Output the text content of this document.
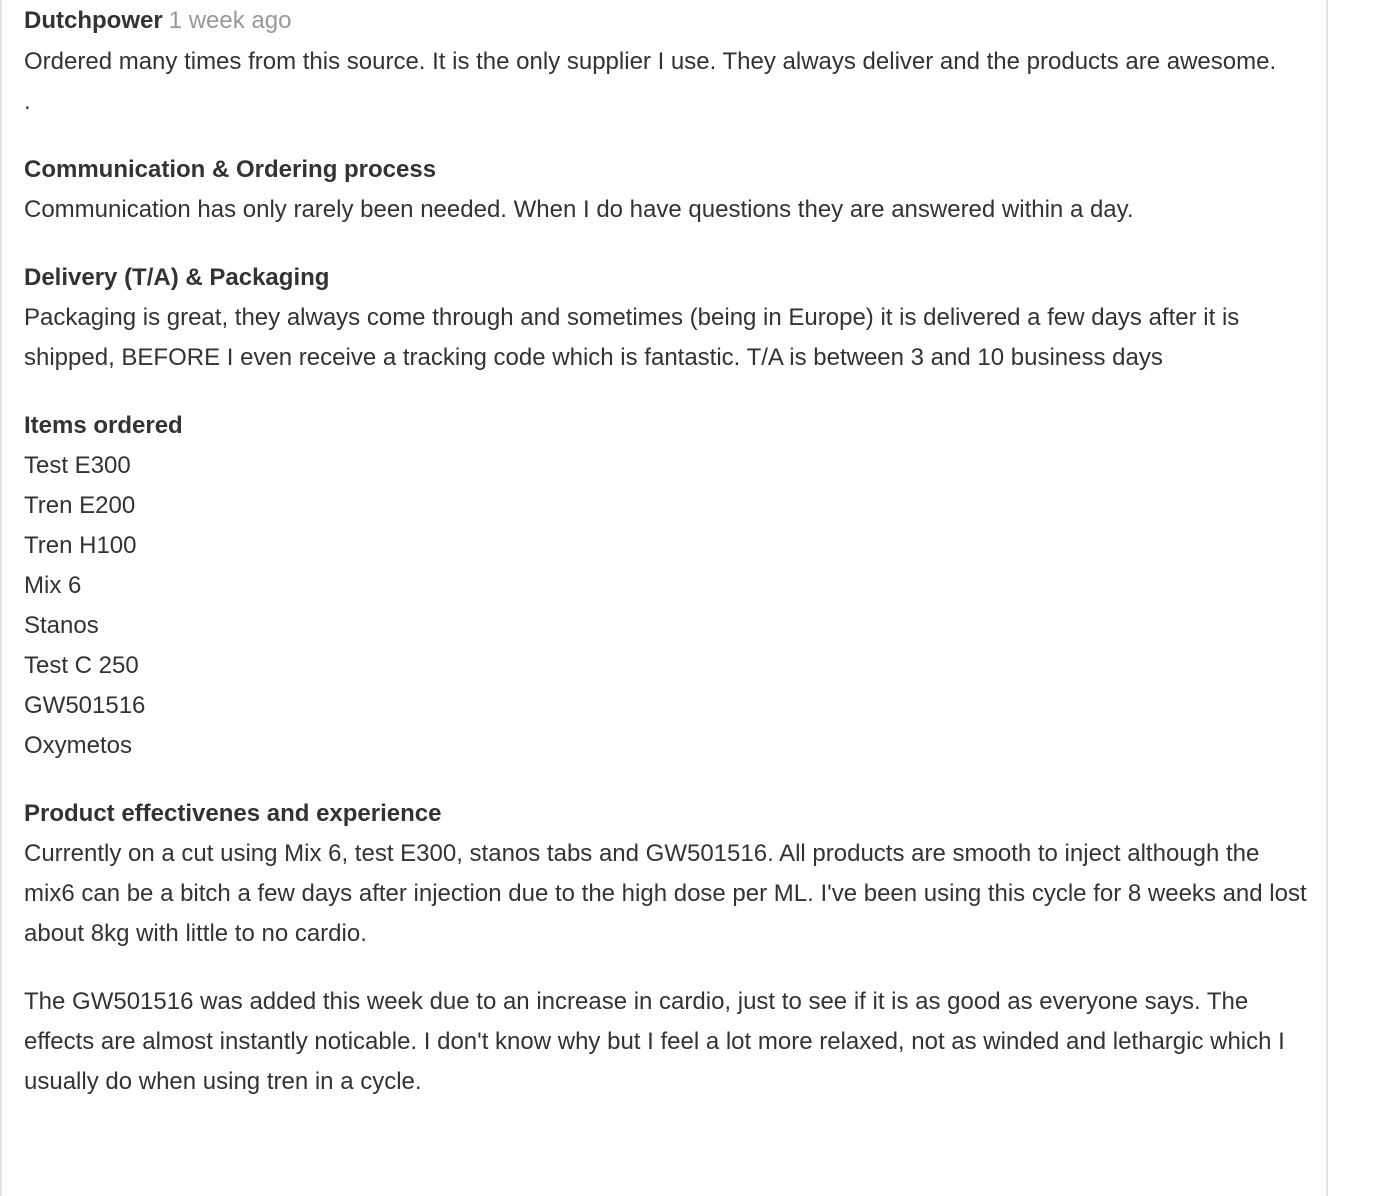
Dutchpower 1 week ago
Ordered many times from this source. It is the only supplier I use. They always deliver and the products are awesome.
.
Communication & Ordering process
Communication has only rarely been needed. When I do have questions they are answered within a day.
Delivery (T/A) & Packaging
Packaging is great, they always come through and sometimes (being in Europe) it is delivered a few days after it is shipped, BEFORE I even receive a tracking code which is fantastic. T/A is between 3 and 10 business days
Items ordered
Test E300
Tren E200
Tren H100
Mix 6
Stanos
Test C 250
GW501516
Oxymetos
Product effectivenes and experience
Currently on a cut using Mix 6, test E300, stanos tabs and GW501516. All products are smooth to inject although the mix6 can be a bitch a few days after injection due to the high dose per ML. I've been using this cycle for 8 weeks and lost about 8kg with little to no cardio.
The GW501516 was added this week due to an increase in cardio, just to see if it is as good as everyone says. The effects are almost instantly noticable. I don't know why but I feel a lot more relaxed, not as winded and lethargic which I usually do when using tren in a cycle.
